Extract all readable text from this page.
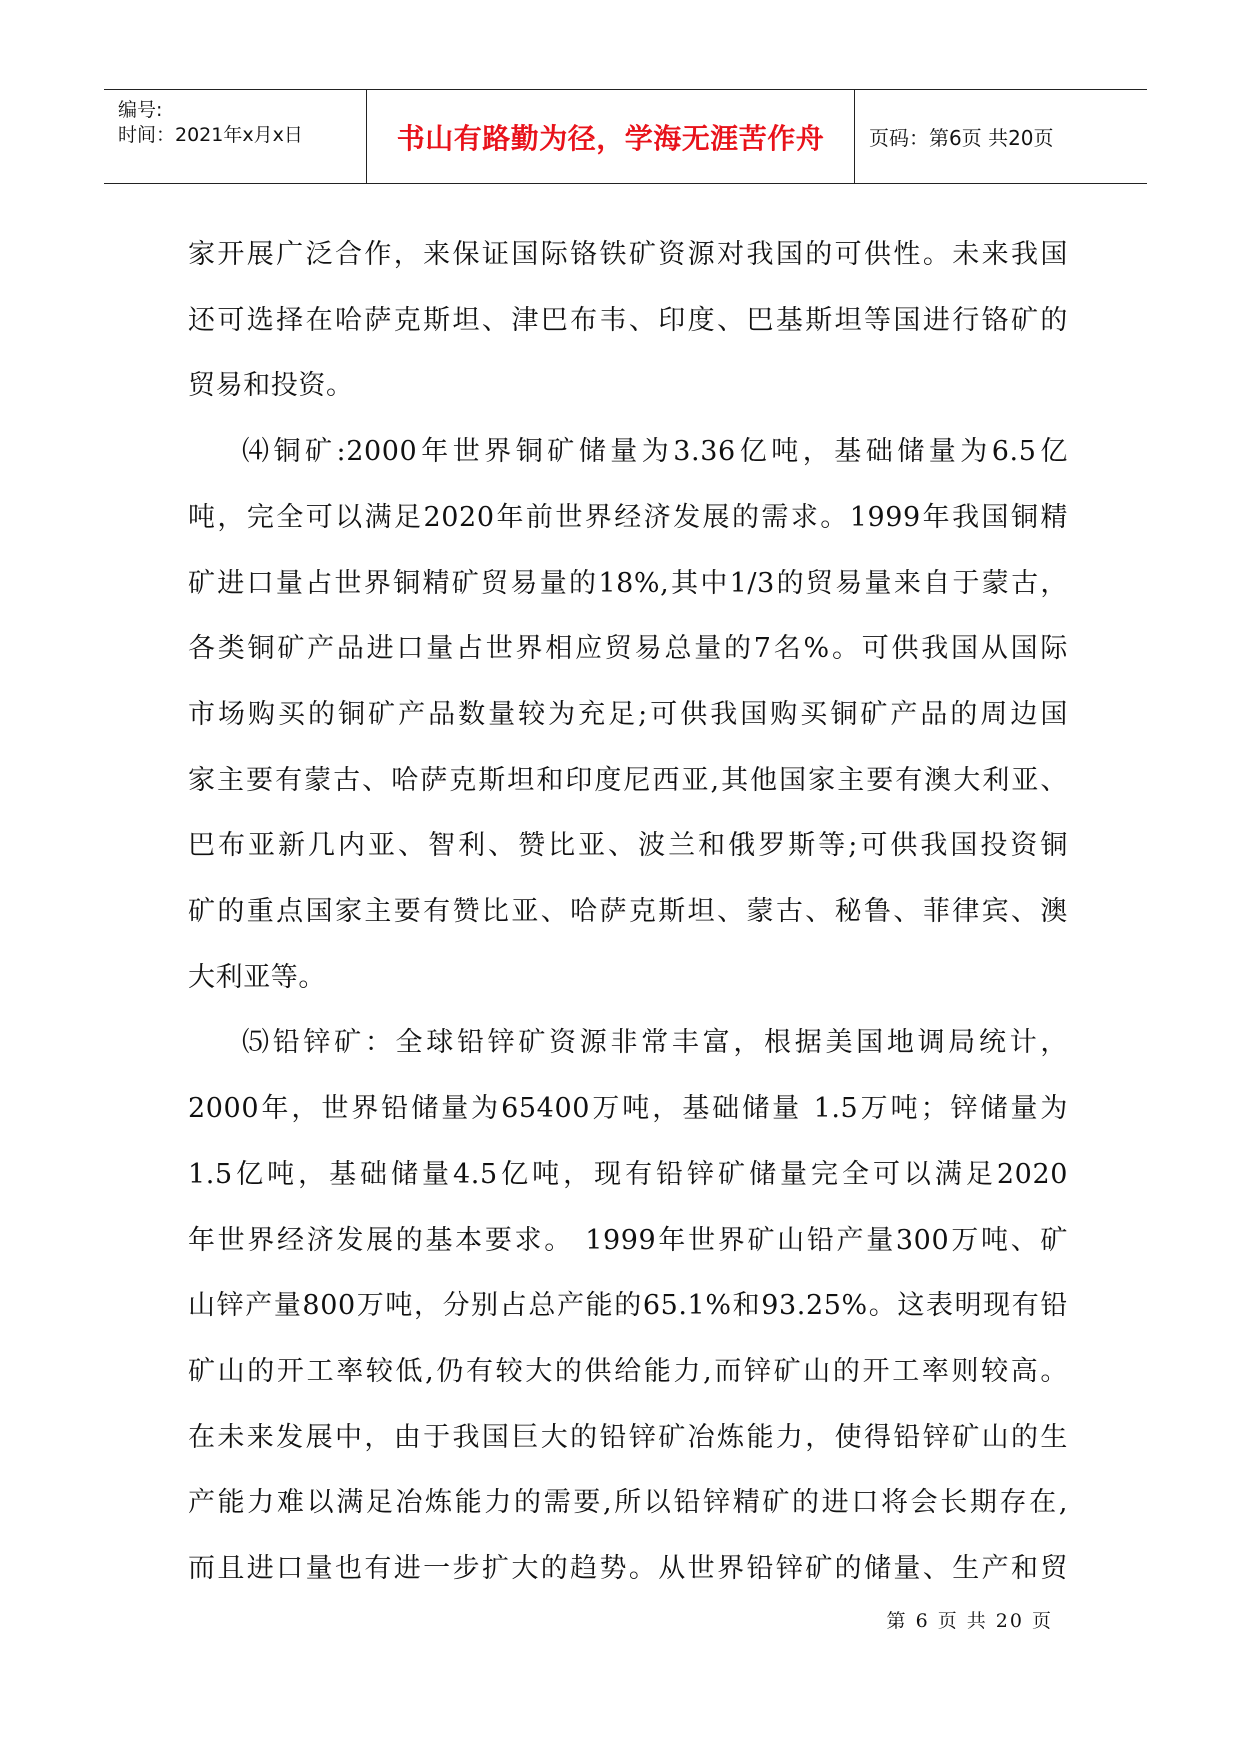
编号:
时间：2021年x月x日	书山有路勤为径，学海无涯苦作舟	页码：第6页 共20页

家开展广泛合作，来保证国际铬铁矿资源对我国的可供性。未来我国

还可选择在哈萨克斯坦、津巴布韦、印度、巴基斯坦等国进行铬矿的

贸易和投资。

⑷铜矿:2000年世界铜矿储量为3.36亿吨，基础储量为6.5亿

吨，完全可以满足2020年前世界经济发展的需求。1999年我国铜精

矿进口量占世界铜精矿贸易量的18%,其中1/3的贸易量来自于蒙古，

各类铜矿产品进口量占世界相应贸易总量的7名%。可供我国从国际

市场购买的铜矿产品数量较为充足;可供我国购买铜矿产品的周边国

家主要有蒙古、哈萨克斯坦和印度尼西亚,其他国家主要有澳大利亚、

巴布亚新几内亚、智利、赞比亚、波兰和俄罗斯等;可供我国投资铜

矿的重点国家主要有赞比亚、哈萨克斯坦、蒙古、秘鲁、菲律宾、澳

大利亚等。

⑸铅锌矿：全球铅锌矿资源非常丰富，根据美国地调局统计，

2000年，世界铅储量为65400万吨，基础储量 1.5万吨；锌储量为

1.5亿吨，基础储量4.5亿吨，现有铅锌矿储量完全可以满足2020

年世界经济发展的基本要求。 1999年世界矿山铅产量300万吨、矿

山锌产量800万吨，分别占总产能的65.1%和93.25%。这表明现有铅

矿山的开工率较低,仍有较大的供给能力,而锌矿山的开工率则较高。

在未来发展中，由于我国巨大的铅锌矿冶炼能力，使得铅锌矿山的生

产能力难以满足冶炼能力的需要,所以铅锌精矿的进口将会长期存在,

而且进口量也有进一步扩大的趋势。从世界铅锌矿的储量、生产和贸

第 6 页 共 20 页
